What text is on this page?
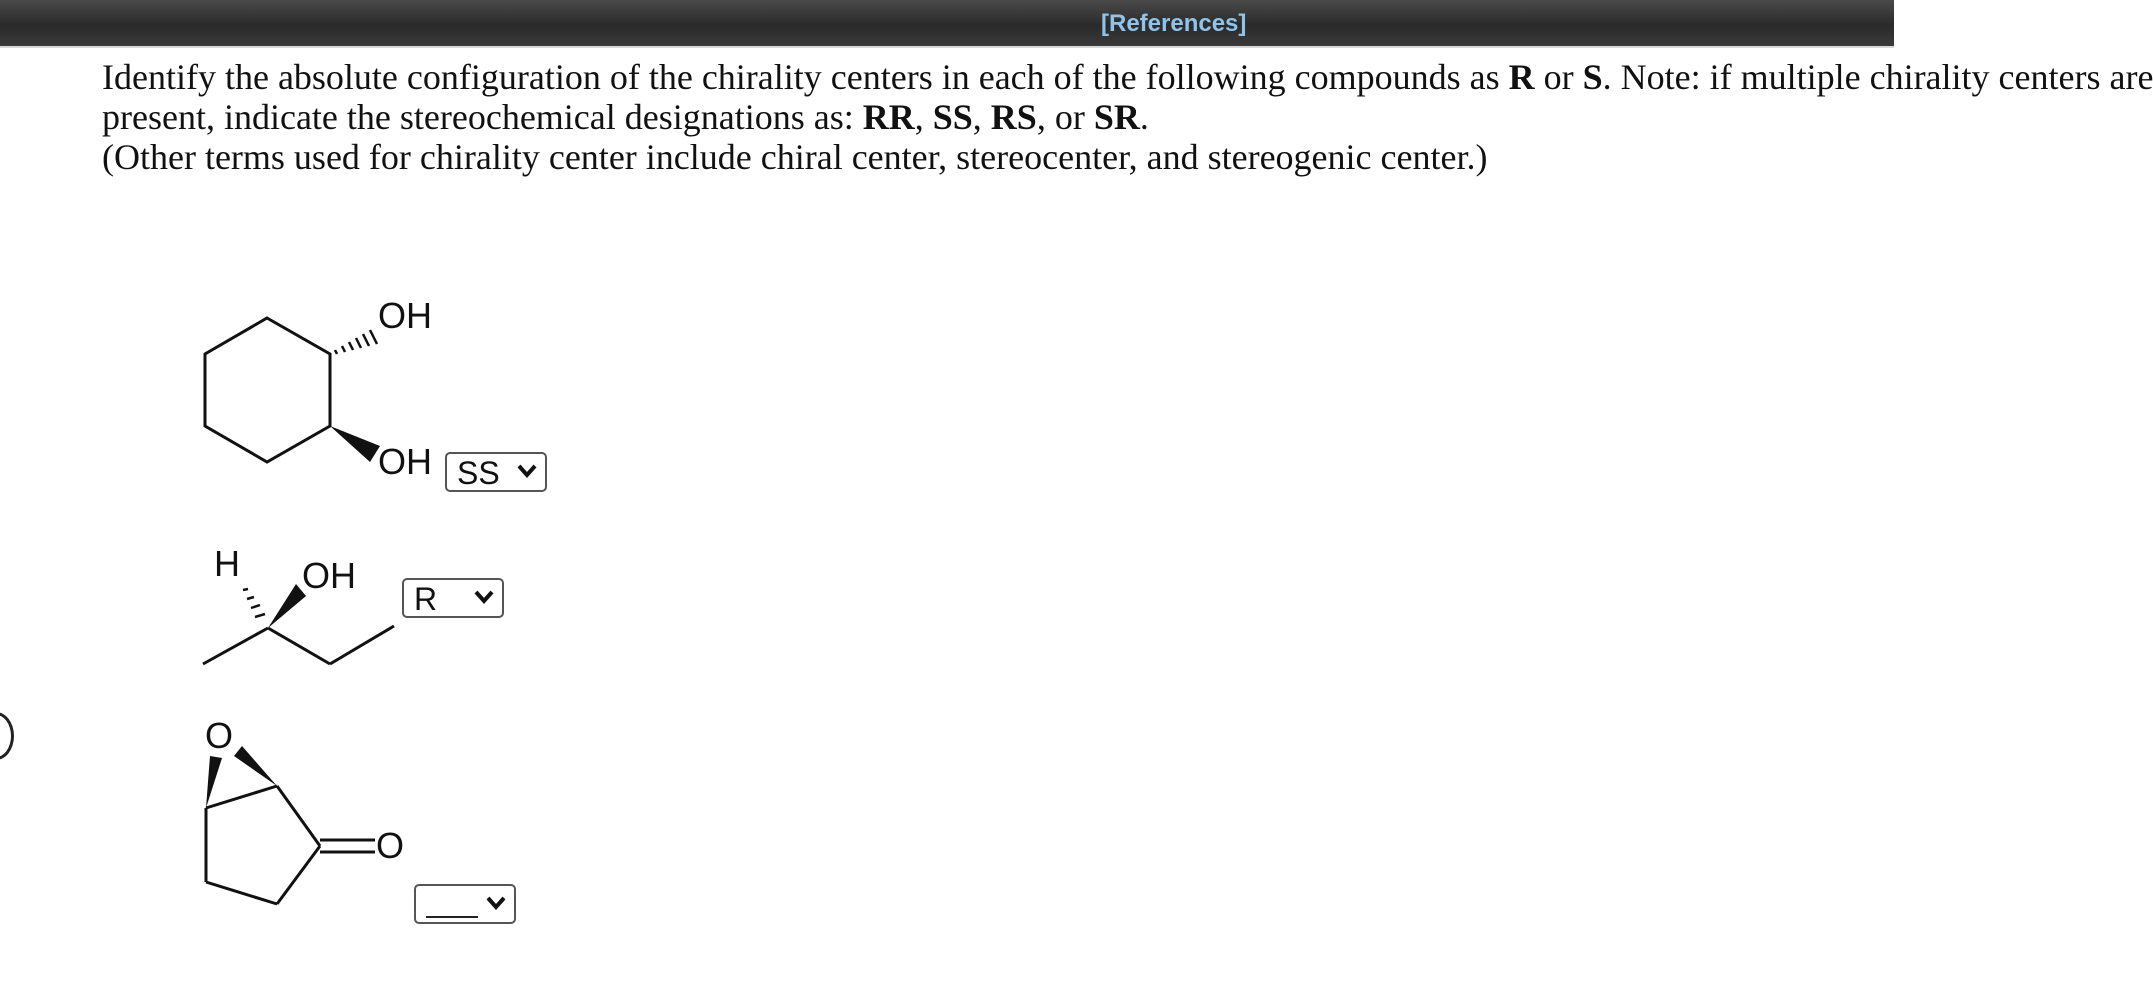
[References]

Identify the absolute configuration of the chirality centers in each of the following compounds as R or S. Note: if multiple chirality centers are

present, indicate the stereochemical designations as: RR, SS, RS, or SR.

(Other terms used for chirality center include chiral center, stereocenter, and stereogenic center.)

OH
OH
H OH
O
O
SS
R
